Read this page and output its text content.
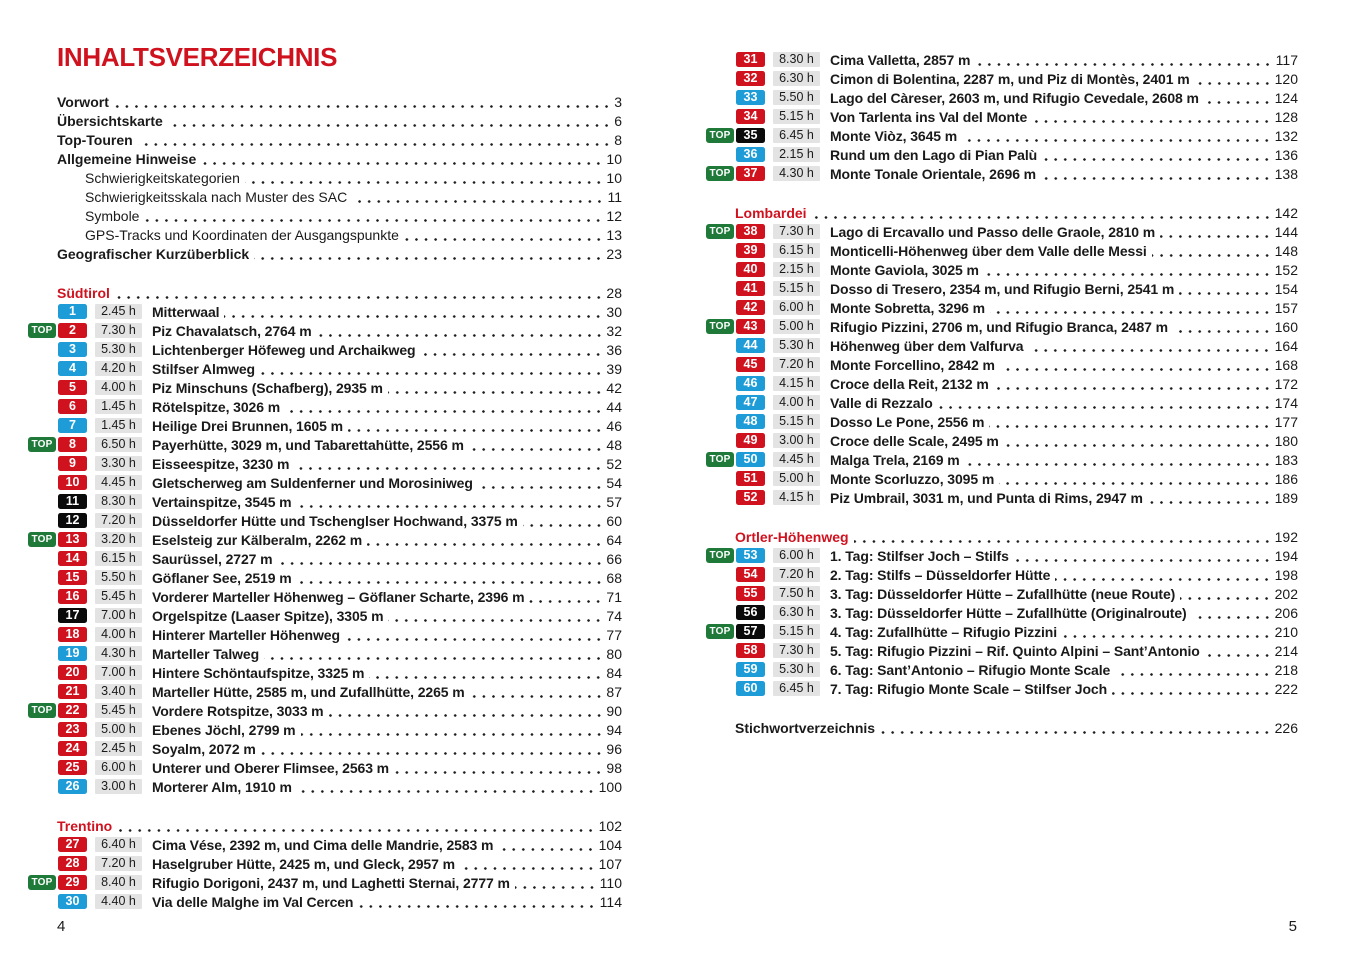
INHALTSVERZEICHNIS
Vorwort	3
Übersichtskarte	6
Top-Touren	8
Allgemeine Hinweise	10
Schwierigkeitskategorien	10
Schwierigkeitsskala nach Muster des SAC	11
Symbole	12
GPS-Tracks und Koordinaten der Ausgangspunkte	13
Geografischer Kurzüberblick	23
Südtirol	28
1	2.45 h	Mitterwaal	30
TOP	2	7.30 h	Piz Chavalatsch, 2764 m	32
3	5.30 h	Lichtenberger Höfeweg und Archaikweg	36
4	4.20 h	Stilfser Almweg	39
5	4.00 h	Piz Minschuns (Schafberg), 2935 m	42
6	1.45 h	Rötelspitze, 3026 m	44
7	1.45 h	Heilige Drei Brunnen, 1605 m	46
TOP	8	6.50 h	Payerhütte, 3029 m, und Tabarettahütte, 2556 m	48
9	3.30 h	Eisseespitze, 3230 m	52
10	4.45 h	Gletscherweg am Suldenferner und Morosiniweg	54
11	8.30 h	Vertainspitze, 3545 m	57
12	7.20 h	Düsseldorfer Hütte und Tschenglser Hochwand, 3375 m	60
TOP	13	3.20 h	Eselsteig zur Kälberalm, 2262 m	64
14	6.15 h	Saurüssel, 2727 m	66
15	5.50 h	Göflaner See, 2519 m	68
16	5.45 h	Vorderer Marteller Höhenweg – Göflaner Scharte, 2396 m	71
17	7.00 h	Orgelspitze (Laaser Spitze), 3305 m	74
18	4.00 h	Hinterer Marteller Höhenweg	77
19	4.30 h	Marteller Talweg	80
20	7.00 h	Hintere Schöntaufspitze, 3325 m	84
21	3.40 h	Marteller Hütte, 2585 m, und Zufallhütte, 2265 m	87
TOP	22	5.45 h	Vordere Rotspitze, 3033 m	90
23	5.00 h	Ebenes Jöchl, 2799 m	94
24	2.45 h	Soyalm, 2072 m	96
25	6.00 h	Unterer und Oberer Flimsee, 2563 m	98
26	3.00 h	Morterer Alm, 1910 m	100
Trentino	102
27	6.40 h	Cima Vése, 2392 m, und Cima delle Mandrie, 2583 m	104
28	7.20 h	Haselgruber Hütte, 2425 m, und Gleck, 2957 m	107
TOP	29	8.40 h	Rifugio Dorigoni, 2437 m, und Laghetti Sternai, 2777 m	110
30	4.40 h	Via delle Malghe im Val Cercen	114
31	8.30 h	Cima Valletta, 2857 m	117
32	6.30 h	Cimon di Bolentina, 2287 m, und Piz di Montès, 2401 m	120
33	5.50 h	Lago del Càreser, 2603 m, und Rifugio Cevedale, 2608 m	124
34	5.15 h	Von Tarlenta ins Val del Monte	128
TOP	35	6.45 h	Monte Viòz, 3645 m	132
36	2.15 h	Rund um den Lago di Pian Palù	136
TOP	37	4.30 h	Monte Tonale Orientale, 2696 m	138
Lombardei	142
TOP	38	7.30 h	Lago di Ercavallo und Passo delle Graole, 2810 m	144
39	6.15 h	Monticelli-Höhenweg über dem Valle delle Messi	148
40	2.15 h	Monte Gaviola, 3025 m	152
41	5.15 h	Dosso di Tresero, 2354 m, und Rifugio Berni, 2541 m	154
42	6.00 h	Monte Sobretta, 3296 m	157
TOP	43	5.00 h	Rifugio Pizzini, 2706 m, und Rifugio Branca, 2487 m	160
44	5.30 h	Höhenweg über dem Valfurva	164
45	7.20 h	Monte Forcellino, 2842 m	168
46	4.15 h	Croce della Reit, 2132 m	172
47	4.00 h	Valle di Rezzalo	174
48	5.15 h	Dosso Le Pone, 2556 m	177
49	3.00 h	Croce delle Scale, 2495 m	180
TOP	50	4.45 h	Malga Trela, 2169 m	183
51	5.00 h	Monte Scorluzzo, 3095 m	186
52	4.15 h	Piz Umbrail, 3031 m, und Punta di Rims, 2947 m	189
Ortler-Höhenweg	192
TOP	53	6.00 h	1. Tag: Stilfser Joch – Stilfs	194
54	7.20 h	2. Tag: Stilfs – Düsseldorfer Hütte	198
55	7.50 h	3. Tag: Düsseldorfer Hütte – Zufallhütte (neue Route)	202
56	6.30 h	3. Tag: Düsseldorfer Hütte – Zufallhütte (Originalroute)	206
TOP	57	5.15 h	4. Tag: Zufallhütte – Rifugio Pizzini	210
58	7.30 h	5. Tag: Rifugio Pizzini – Rif. Quinto Alpini – Sant’Antonio	214
59	5.30 h	6. Tag: Sant’Antonio – Rifugio Monte Scale	218
60	6.45 h	7. Tag: Rifugio Monte Scale – Stilfser Joch	222
Stichwortverzeichnis	226
4	5
